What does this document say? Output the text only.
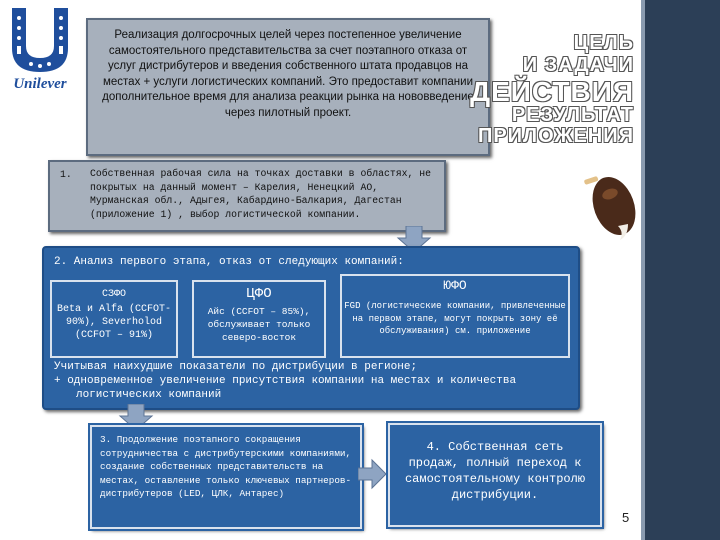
Unilever

Реализация долгосрочных целей через постепенное увеличение самостоятельного представительства за счет поэтапного отказа от услуг дистрибутеров и введения собственного штата продавцов на местах + услуги логистических компаний. Это предоставит компании дополнительное время для анализа реакции рынка на нововведение через пилотный проект.

ЦЕЛЬ
И ЗАДАЧИ
ДЕЙСТВИЯ
РЕЗУЛЬТАТ
ПРИЛОЖЕНИЯ
1. Собственная рабочая сила на точках доставки в областях, не покрытых на данный момент – Карелия, Ненецкий АО, Мурманская обл., Адыгея, Кабардино-Балкария, Дагестан (приложение 1) , выбор логистической компании.
2. Анализ первого этапа, отказ от следующих компаний:
СЗФО
Beta и Alfa (CCFOT- 90%), Severholod (CCFOT – 91%)
ЦФО
Айс (CCFOT – 85%), обслуживает только северо-восток
ЮФО
FGD (логистические компании, привлеченные на первом этапе, могут покрыть зону её обслуживания) см. приложение
Учитывая наихудшие показатели по дистрибуции в регионе;
+ одновременное увеличение присутствия компании на местах и количества
логистических компаний
3. Продолжение поэтапного сокращения сотрудничества с дистрибутерскими компаниями, создание собственных представительств на местах, оставление только ключевых партнеров-дистрибутеров (LED, ЦЛК, Антарес)
4. Собственная сеть продаж, полный переход к самостоятельному контролю дистрибуции.
5
